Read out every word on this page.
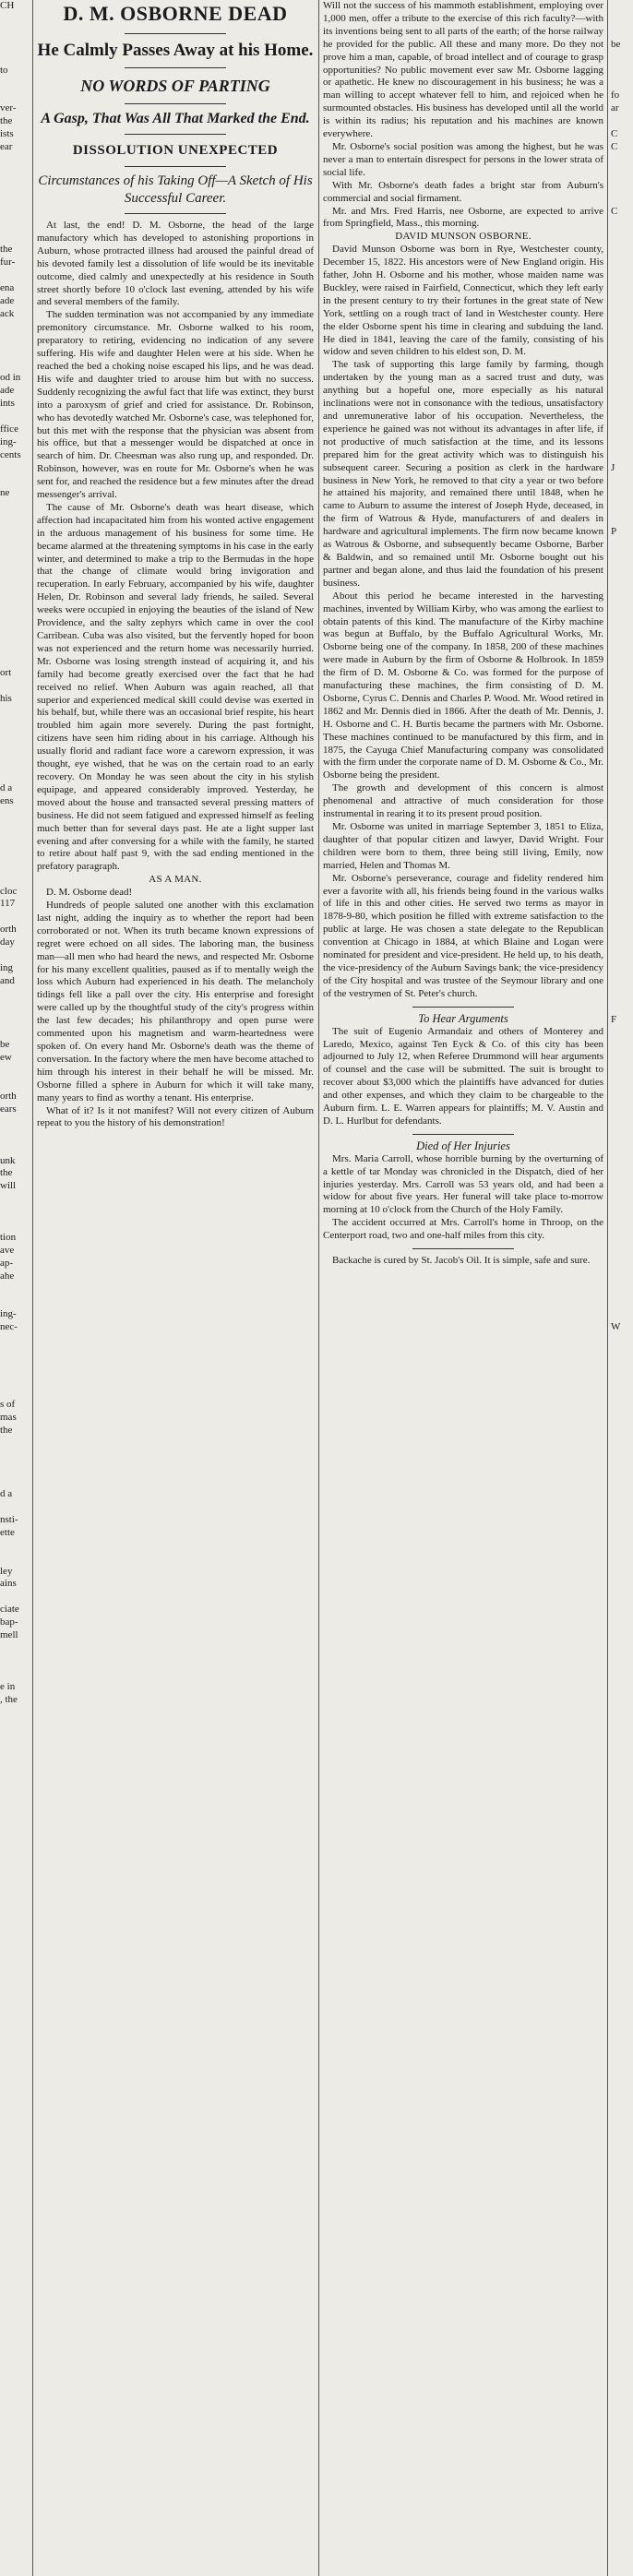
CH

to

ver-

the

ists

ear

the

fur-

ena

ade

ack

od in

ade

ints

ffice

ing-

cents

ne

ort

his

d a

ens

cloc

117

orth

day

ing

and

be

ew

orth

ears

unk

the

will

tion

ave

ap-

ahe

ing-

nec-

s of

mas

the

d a

nsti-

ette

ley

ains

ciate

bap-

mell

e in

, the

D. M. OSBORNE DEAD

He Calmly Passes Away at his Home.

NO WORDS OF PARTING

A Gasp, That Was All That Marked the End.

DISSOLUTION UNEXPECTED

Circumstances of his Taking Off—A Sketch of His Successful Career.

At last, the end! D. M. Osborne, the head of the large manufactory which has developed to astonishing proportions in Auburn, whose protracted illness had aroused the painful dread of his devoted family lest a dissolution of life would be its inevitable outcome, died calmly and unexpectedly at his residence in South street shortly before 10 o'clock last evening, attended by his wife and several members of the family.

The sudden termination was not accompanied by any immediate premonitory circumstance. Mr. Osborne walked to his room, preparatory to retiring, evidencing no indication of any severe suffering. His wife and daughter Helen were at his side. When he reached the bed a choking noise escaped his lips, and he was dead. His wife and daughter tried to arouse him but with no success. Suddenly recognizing the awful fact that life was extinct, they burst into a paroxysm of grief and cried for assistance. Dr. Robinson, who has devotedly watched Mr. Osborne's case, was telephoned for, but this met with the response that the physician was absent from his office, but that a messenger would be dispatched at once in search of him. Dr. Cheesman was also rung up, and responded. Dr. Robinson, however, was en route for Mr. Osborne's when he was sent for, and reached the residence but a few minutes after the dread messenger's arrival.

The cause of Mr. Osborne's death was heart disease, which affection had incapacitated him from his wonted active engagement in the arduous management of his business for some time. He became alarmed at the threatening symptoms in his case in the early winter, and determined to make a trip to the Bermudas in the hope that the change of climate would bring invigoration and recuperation. In early February, accompanied by his wife, daughter Helen, Dr. Robinson and several lady friends, he sailed. Several weeks were occupied in enjoying the beauties of the island of New Providence, and the salty zephyrs which came in over the cool Carribean. Cuba was also visited, but the fervently hoped for boon was not experienced and the return home was necessarily hurried. Mr. Osborne was losing strength instead of acquiring it, and his family had become greatly exercised over the fact that he had received no relief. When Auburn was again reached, all that superior and experienced medical skill could devise was exerted in his behalf, but, while there was an occasional brief respite, his heart troubled him again more severely. During the past fortnight, citizens have seen him riding about in his carriage. Although his usually florid and radiant face wore a careworn expression, it was thought, eye wished, that he was on the certain road to an early recovery. On Monday he was seen about the city in his stylish equipage, and appeared considerably improved. Yesterday, he moved about the house and transacted several pressing matters of business. He did not seem fatigued and expressed himself as feeling much better than for several days past. He ate a light supper last evening and after conversing for a while with the family, he started to retire about half past 9, with the sad ending mentioned in the prefatory paragraph.

AS A MAN.

D. M. Osborne dead!

Hundreds of people saluted one another with this exclamation last night, adding the inquiry as to whether the report had been corroborated or not. When its truth became known expressions of regret were echoed on all sides. The laboring man, the business man—all men who had heard the news, and respected Mr. Osborne for his many excellent qualities, paused as if to mentally weigh the loss which Auburn had experienced in his death. The melancholy tidings fell like a pall over the city. His enterprise and foresight were called up by the thoughtful study of the city's progress within the last few decades; his philanthropy and open purse were commented upon his magnetism and warm-heartedness were spoken of. On every hand Mr. Osborne's death was the theme of conversation. In the factory where the men have become attached to him through his interest in their behalf he will be missed. Mr. Osborne filled a sphere in Auburn for which it will take many, many years to find as worthy a tenant. His enterprise.

What of it? Is it not manifest? Will not every citizen of Auburn repeat to you the history of his demonstration!

Will not the success of his mammoth establishment, employing over 1,000 men, offer a tribute to the exercise of this rich faculty?—with its inventions being sent to all parts of the earth; of the horse railway he provided for the public. All these and many more. Do they not prove him a man, capable, of broad intellect and of courage to grasp opportunities? No public movement ever saw Mr. Osborne lagging or apathetic. He knew no discouragement in his business; he was a man willing to accept whatever fell to him, and rejoiced when he surmounted obstacles. His business has developed until all the world is within its radius; his reputation and his machines are known everywhere.

Mr. Osborne's social position was among the highest, but he was never a man to entertain disrespect for persons in the lower strata of social life.

With Mr. Osborne's death fades a bright star from Auburn's commercial and social firmament.

Mr. and Mrs. Fred Harris, nee Osborne, are expected to arrive from Springfield, Mass., this morning.

DAVID MUNSON OSBORNE.

David Munson Osborne was born in Rye, Westchester county, December 15, 1822. His ancestors were of New England origin. His father, John H. Osborne and his mother, whose maiden name was Buckley, were raised in Fairfield, Connecticut, which they left early in the present century to try their fortunes in the great state of New York, settling on a rough tract of land in Westchester county. Here the elder Osborne spent his time in clearing and subduing the land. He died in 1841, leaving the care of the family, consisting of his widow and seven children to his eldest son, D. M.

The task of supporting this large family by farming, though undertaken by the young man as a sacred trust and duty, was anything but a hopeful one, more especially as his natural inclinations were not in consonance with the tedious, unsatisfactory and unremunerative labor of his occupation. Nevertheless, the experience he gained was not without its advantages in after life, if not productive of much satisfaction at the time, and its lessons prepared him for the great activity which was to distinguish his subsequent career. Securing a position as clerk in the hardware business in New York, he removed to that city a year or two before he attained his majority, and remained there until 1848, when he came to Auburn to assume the interest of Joseph Hyde, deceased, in the firm of Watrous & Hyde, manufacturers of and dealers in hardware and agricultural implements. The firm now became known as Watrous & Osborne, and subsequently became Osborne, Barber & Baldwin, and so remained until Mr. Osborne bought out his partner and began alone, and thus laid the foundation of his present business.

About this period he became interested in the harvesting machines, invented by William Kirby, who was among the earliest to obtain patents of this kind. The manufacture of the Kirby machine was begun at Buffalo, by the Buffalo Agricultural Works, Mr. Osborne being one of the company. In 1858, 200 of these machines were made in Auburn by the firm of Osborne & Holbrook. In 1859 the firm of D. M. Osborne & Co. was formed for the purpose of manufacturing these machines, the firm consisting of D. M. Osborne, Cyrus C. Dennis and Charles P. Wood. Mr. Wood retired in 1862 and Mr. Dennis died in 1866. After the death of Mr. Dennis, J. H. Osborne and C. H. Burtis became the partners with Mr. Osborne. These machines continued to be manufactured by this firm, and in 1875, the Cayuga Chief Manufacturing company was consolidated with the firm under the corporate name of D. M. Osborne & Co., Mr. Osborne being the president.

The growth and development of this concern is almost phenomenal and attractive of much consideration for those instrumental in rearing it to its present proud position.

Mr. Osborne was united in marriage September 3, 1851 to Eliza, daughter of that popular citizen and lawyer, David Wright. Four children were born to them, three being still living, Emily, now married, Helen and Thomas M.

Mr. Osborne's perseverance, courage and fidelity rendered him ever a favorite with all, his friends being found in the various walks of life in this and other cities. He served two terms as mayor in 1878-9-80, which position he filled with extreme satisfaction to the public at large. He was chosen a state delegate to the Republican convention at Chicago in 1884, at which Blaine and Logan were nominated for president and vice-president. He held up, to his death, the vice-presidency of the Auburn Savings bank; the vice-presidency of the City hospital and was trustee of the Seymour library and one of the vestrymen of St. Peter's church.

To Hear Arguments

The suit of Eugenio Armandaiz and others of Monterey and Laredo, Mexico, against Ten Eyck & Co. of this city has been adjourned to July 12, when Referee Drummond will hear arguments of counsel and the case will be submitted. The suit is brought to recover about $3,000 which the plaintiffs have advanced for duties and other expenses, and which they claim to be chargeable to the Auburn firm. L. E. Warren appears for plaintiffs; M. V. Austin and D. L. Hurlbut for defendants.

Died of Her Injuries

Mrs. Maria Carroll, whose horrible burning by the overturning of a kettle of tar Monday was chronicled in the Dispatch, died of her injuries yesterday. Mrs. Carroll was 53 years old, and had been a widow for about five years. Her funeral will take place to-morrow morning at 10 o'clock from the Church of the Holy Family.

The accident occurred at Mrs. Carroll's home in Throop, on the Centerport road, two and one-half miles from this city.

Backache is cured by St. Jacob's Oil. It is simple, safe and sure.

be

fo

ar

C

C

C

J

P

F

W
